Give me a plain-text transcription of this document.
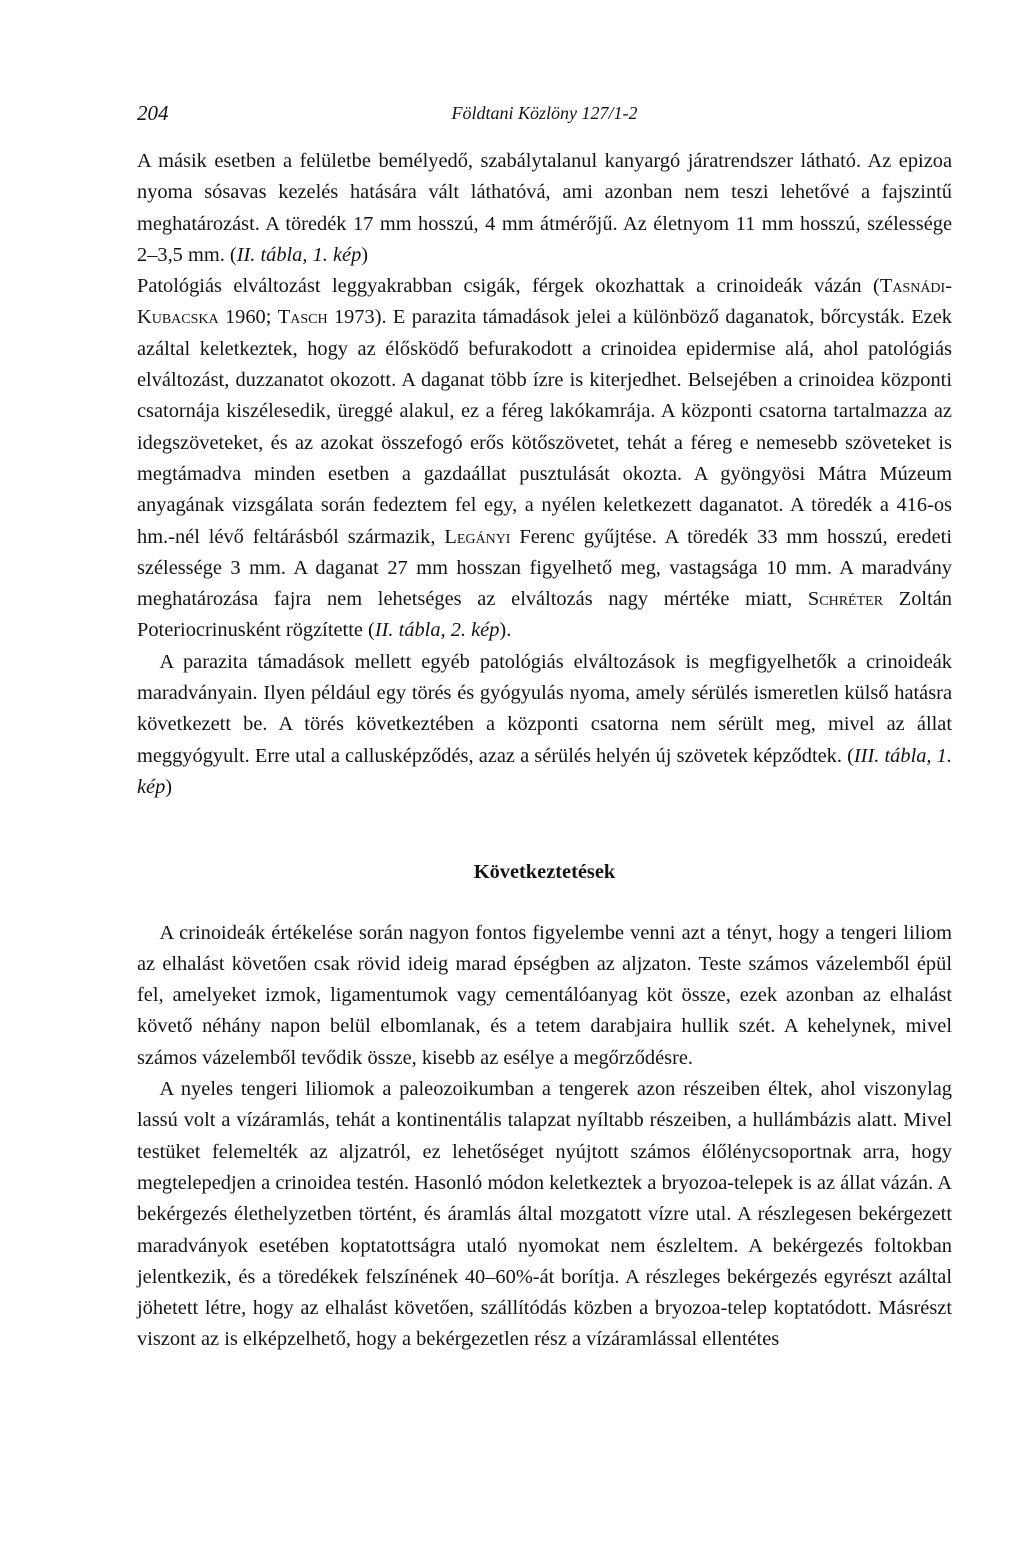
204	Földtani Közlöny 127/1-2

A másik esetben a felületbe bemélyedő, szabálytalanul kanyargó járatrendszer látható. Az epizoa nyoma sósavas kezelés hatására vált láthatóvá, ami azonban nem teszi lehetővé a fajszintű meghatározást. A töredék 17 mm hosszú, 4 mm átmérőjű. Az életnyom 11 mm hosszú, szélessége 2–3,5 mm. (II. tábla, 1. kép)

Patológiás elváltozást leggyakrabban csigák, férgek okozhattak a crinoideák vázán (Tasnádi-Kubacska 1960; Tasch 1973). E parazita támadások jelei a különböző daganatok, bőrcysták. Ezek azáltal keletkeztek, hogy az élősködő befurakodott a crinoidea epidermise alá, ahol patológiás elváltozást, duzzanatot okozott. A daganat több ízre is kiterjedhet. Belsejében a crinoidea központi csatornája kiszélesedik, üreggé alakul, ez a féreg lakókamrája. A központi csatorna tartalmazza az idegszöveteket, és az azokat összefogó erős kötőszövetet, tehát a féreg e nemesebb szöveteket is megtámadva minden esetben a gazdaállat pusztulását okozta. A gyöngyösi Mátra Múzeum anyagának vizsgálata során fedeztem fel egy, a nyélen keletkezett daganatot. A töredék a 416-os hm.-nél lévő feltárásból származik, Legányi Ferenc gyűjtése. A töredék 33 mm hosszú, eredeti szélessége 3 mm. A daganat 27 mm hosszan figyelhető meg, vastagsága 10 mm. A maradvány meghatározása fajra nem lehetséges az elváltozás nagy mértéke miatt, Schréter Zoltán Poteriocrinusként rögzítette (II. tábla, 2. kép).

A parazita támadások mellett egyéb patológiás elváltozások is megfigyelhetők a crinoideák maradványain. Ilyen például egy törés és gyógyulás nyoma, amely sérülés ismeretlen külső hatásra következett be. A törés következtében a központi csatorna nem sérült meg, mivel az állat meggyógyult. Erre utal a callusképződés, azaz a sérülés helyén új szövetek képződtek. (III. tábla, 1. kép)

Következtetések

A crinoideák értékelése során nagyon fontos figyelembe venni azt a tényt, hogy a tengeri liliom az elhalást követően csak rövid ideig marad épségben az aljzaton. Teste számos vázelemből épül fel, amelyeket izmok, ligamentumok vagy cementálóanyag köt össze, ezek azonban az elhalást követő néhány napon belül elbomlanak, és a tetem darabjaira hullik szét. A kehelynek, mivel számos vázelemből tevődik össze, kisebb az esélye a megőrződésre.

A nyeles tengeri liliomok a paleozoikumban a tengerek azon részeiben éltek, ahol viszonylag lassú volt a vízáramlás, tehát a kontinentális talapzat nyíltabb részeiben, a hullámbázis alatt. Mivel testüket felemelték az aljzatról, ez lehetőséget nyújtott számos élőlénycsoportnak arra, hogy megtelepedjen a crinoidea testén. Hasonló módon keletkeztek a bryozoa-telepek is az állat vázán. A bekérgezés élethelyzetben történt, és áramlás által mozgatott vízre utal. A részlegesen bekérgezett maradványok esetében koptatottságra utaló nyomokat nem észleltem. A bekérgezés foltokban jelentkezik, és a töredékek felszínének 40–60%-át borítja. A részleges bekérgezés egyrészt azáltal jöhetett létre, hogy az elhalást követően, szállítódás közben a bryozoa-telep koptatódott. Másrészt viszont az is elképzelhető, hogy a bekérgezetlen rész a vízáramlással ellentétes
